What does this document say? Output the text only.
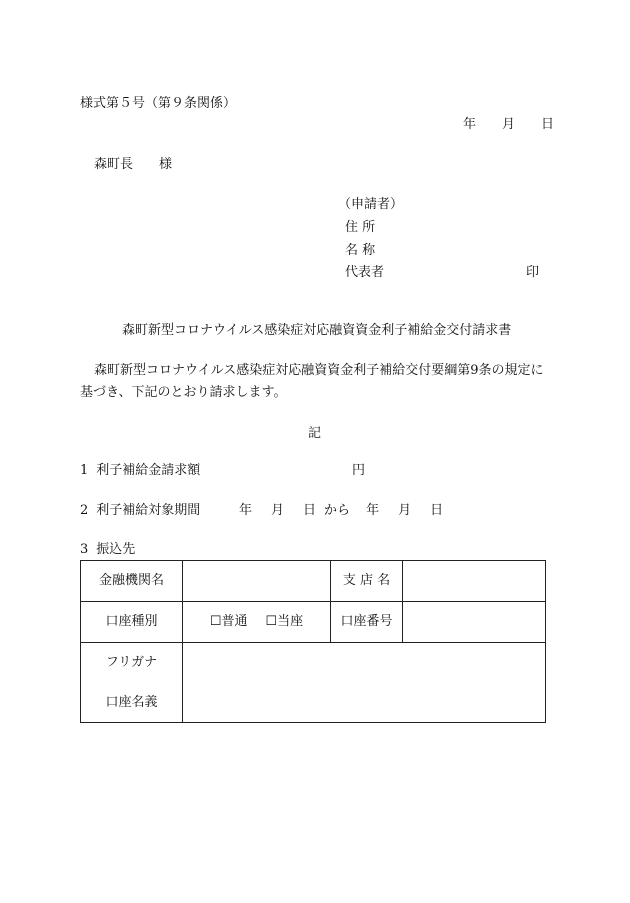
様式第５号（第９条関係）
年 月 日
森町長 様
（申請者）
住 所
名 称
代表者	印
森町新型コロナウイルス感染症対応融資資金利子補給金交付請求書
森町新型コロナウイルス感染症対応融資資金利子補給交付要綱第9条の規定に
基づき、下記のとおり請求します。
記
1 利子補給金請求額	円
2 利子補給対象期間	年 月 日 から 年 月 日
3 振込先
金融機関名		支 店 名	
口座種別	☐普通 ☐当座	口座番号	

フリガナ
口座名義			
